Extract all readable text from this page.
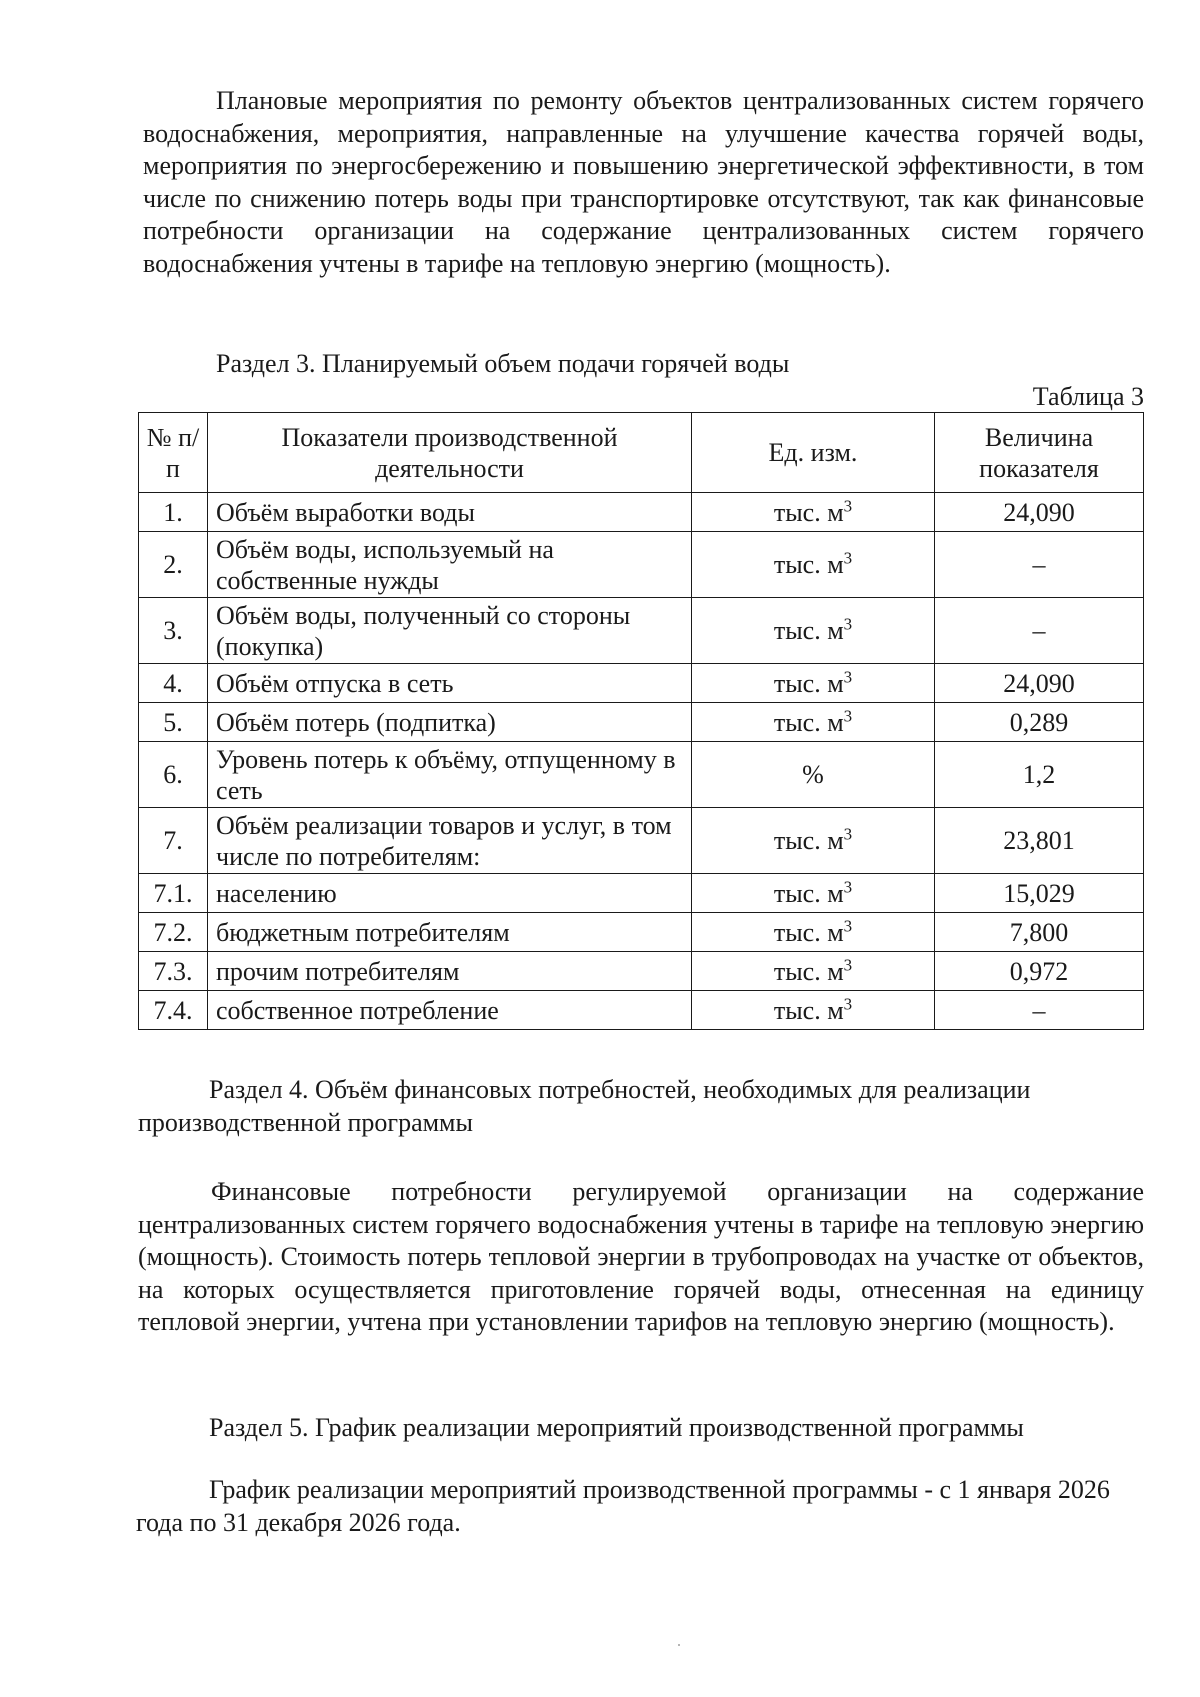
Плановые мероприятия по ремонту объектов централизованных систем горячего водоснабжения, мероприятия, направленные на улучшение качества горячей воды, мероприятия по энергосбережению и повышению энергетической эффективности, в том числе по снижению потерь воды при транспортировке отсутствуют, так как финансовые потребности организации на содержание централизованных систем горячего водоснабжения учтены в тарифе на тепловую энергию (мощность).

Раздел 3. Планируемый объем подачи горячей воды

Таблица 3

№ п/п	Показатели производственной деятельности	Ед. изм.	Величина показателя
1.	Объём выработки воды	тыс. $м^3$	24,090
2.	Объём воды, используемый на собственные нужды	тыс. $м^3$	–
3.	Объём воды, полученный со стороны (покупка)	тыс. $м^3$	–
4.	Объём отпуска в сеть	тыс. $м^3$	24,090
5.	Объём потерь (подпитка)	тыс. $м^3$	0,289
6.	Уровень потерь к объёму, отпущенному в сеть	%	1,2
7.	Объём реализации товаров и услуг, в том числе по потребителям:	тыс. $м^3$	23,801
7.1.	населению	тыс. $м^3$	15,029
7.2.	бюджетным потребителям	тыс. $м^3$	7,800
7.3.	прочим потребителям	тыс. $м^3$	0,972
7.4.	собственное потребление	тыс. $м^3$	–

Раздел 4. Объём финансовых потребностей, необходимых для реализации производственной программы

Финансовые потребности регулируемой организации на содержание централизованных систем горячего водоснабжения учтены в тарифе на тепловую энергию (мощность). Стоимость потерь тепловой энергии в трубопроводах на участке от объектов, на которых осуществляется приготовление горячей воды, отнесенная на единицу тепловой энергии, учтена при установлении тарифов на тепловую энергию (мощность).

Раздел 5. График реализации мероприятий производственной программы

График реализации мероприятий производственной программы - с 1 января 2026 года по 31 декабря 2026 года.
